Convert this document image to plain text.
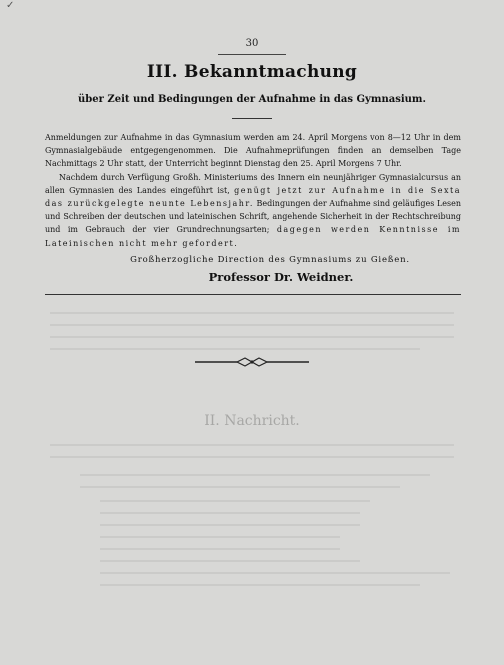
✓
II. Nachricht.
30
III. Bekanntmachung
über Zeit und Bedingungen der Aufnahme in das Gymnasium.

Anmeldungen zur Aufnahme in das Gymnasium werden am 24. April Morgens von 8—12 Uhr in dem Gymnasialgebäude entgegengenommen. Die Aufnahmeprüfungen finden an demselben Tage Nachmittags 2 Uhr statt, der Unterricht beginnt Dienstag den 25. April Morgens 7 Uhr.

Nachdem durch Verfügung Großh. Ministeriums des Innern ein neunjähriger Gymnasialcursus an allen Gymnasien des Landes eingeführt ist, genügt jetzt zur Aufnahme in die Sexta das zurückgelegte neunte Lebensjahr. Bedingungen der Aufnahme sind geläufiges Lesen und Schreiben der deutschen und lateinischen Schrift, angehende Sicherheit in der Rechtschreibung und im Gebrauch der vier Grundrechnungsarten; dagegen werden Kenntnisse im Lateinischen nicht mehr gefordert.

Großherzogliche Direction des Gymnasiums zu Gießen.
Professor Dr. Weidner.
